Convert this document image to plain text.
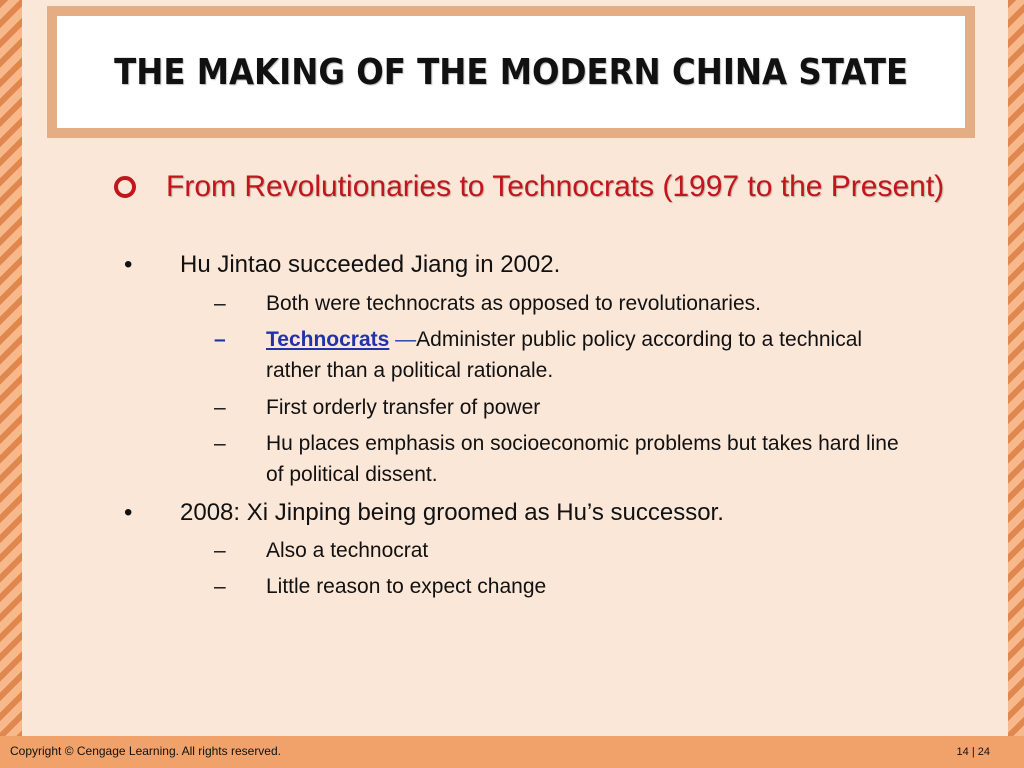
THE MAKING OF THE MODERN CHINA STATE
From Revolutionaries to Technocrats (1997 to the Present)
•	Hu Jintao succeeded Jiang in 2002.
–	Both were technocrats as opposed to revolutionaries.
–	Technocrats —Administer public policy according to a technical rather than a political rationale.
–	First orderly transfer of power
–	Hu places emphasis on socioeconomic problems but takes hard line of political dissent.
•	2008: Xi Jinping being groomed as Hu’s successor.
–	Also a technocrat
–	Little reason to expect change
Copyright © Cengage Learning. All rights reserved.	14 | 24
